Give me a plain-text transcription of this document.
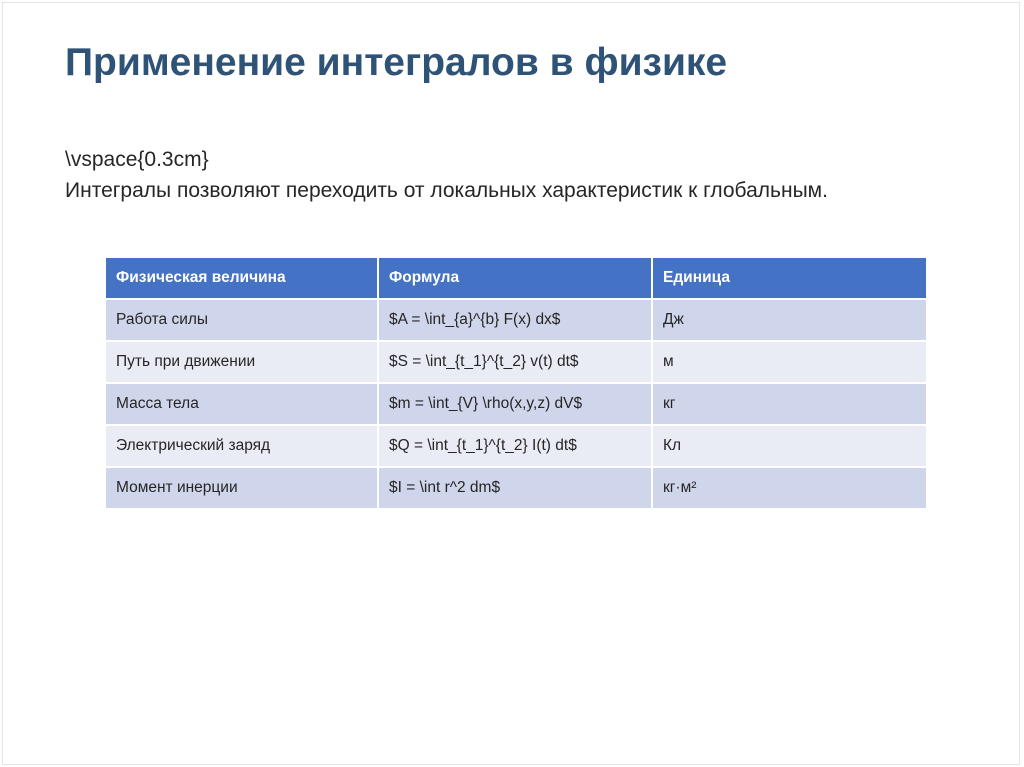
Применение интегралов в физике
\vspace{0.3cm}
Интегралы позволяют переходить от локальных характеристик к глобальным.
Физическая величина	Формула	Единица
Работа силы	$A = \int_{a}^{b} F(x) dx$	Дж
Путь при движении	$S = \int_{t_1}^{t_2} v(t) dt$	м
Масса тела	$m = \int_{V} \rho(x,y,z) dV$	кг
Электрический заряд	$Q = \int_{t_1}^{t_2} I(t) dt$	Кл
Момент инерции	$I = \int r^2 dm$	кг·м²
